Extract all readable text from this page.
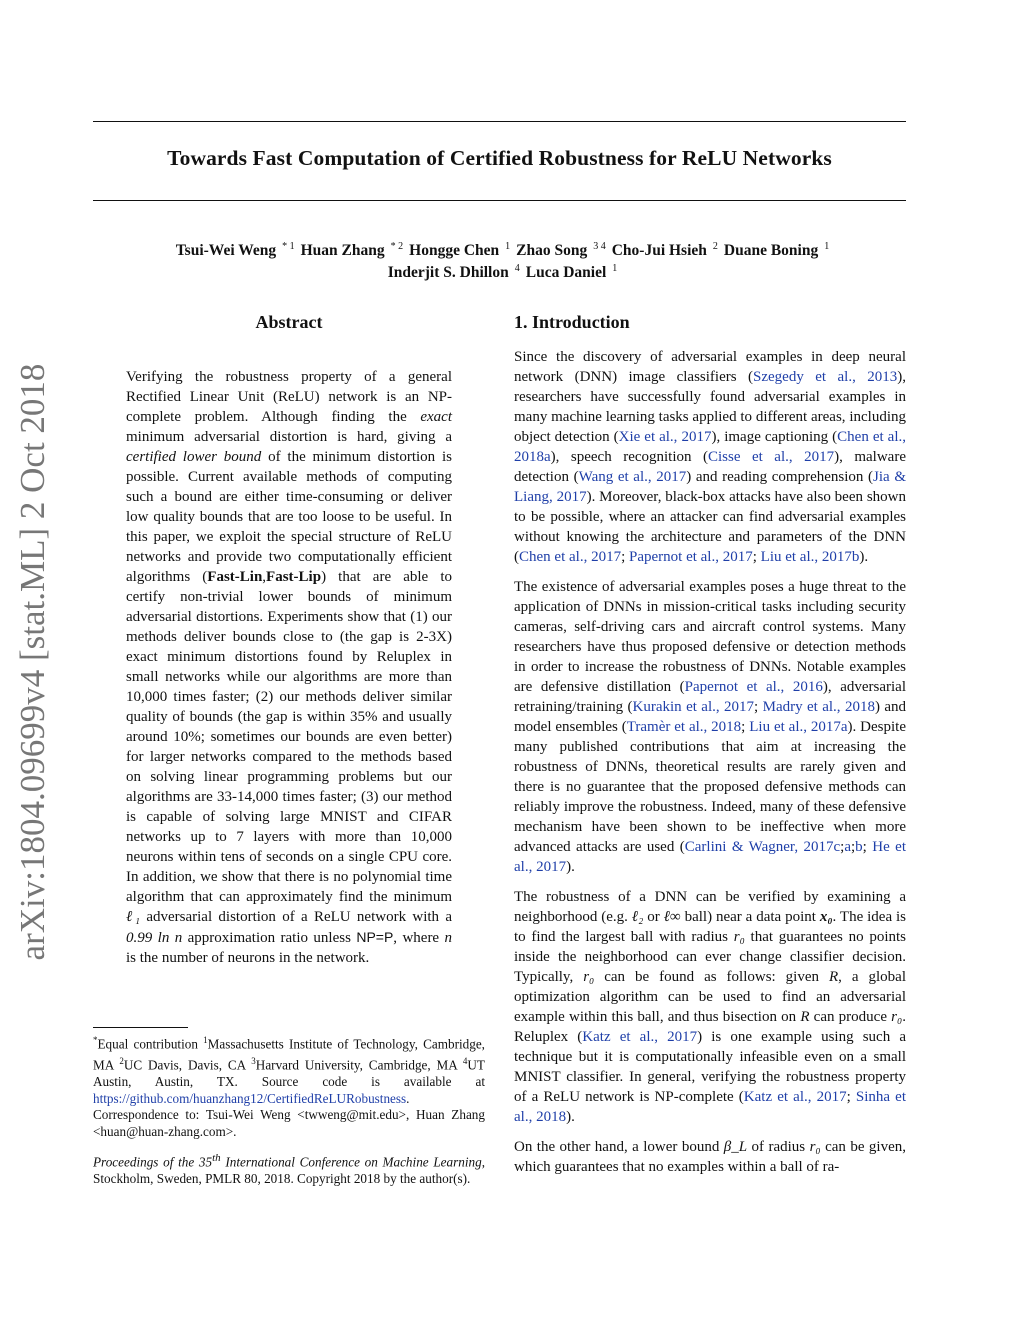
Towards Fast Computation of Certified Robustness for ReLU Networks
Tsui-Wei Weng $^{* 1}$ Huan Zhang $^{* 2}$ Hongge Chen $^1$ Zhao Song $^{3 4}$ Cho-Jui Hsieh $^2$ Duane Boning $^1$
Inderjit S. Dhillon $^4$ Luca Daniel $^1$
arXiv:1804.09699v4 [stat.ML] 2 Oct 2018
Abstract

Verifying the robustness property of a general Rectified Linear Unit (ReLU) network is an NP-complete problem. Although finding the exact minimum adversarial distortion is hard, giving a certified lower bound of the minimum distortion is possible. Current available methods of computing such a bound are either time-consuming or deliver low quality bounds that are too loose to be useful. In this paper, we exploit the special structure of ReLU networks and provide two computationally efficient algorithms (Fast-Lin,Fast-Lip) that are able to certify non-trivial lower bounds of minimum adversarial distortions. Experiments show that (1) our methods deliver bounds close to (the gap is 2-3X) exact minimum distortions found by Reluplex in small networks while our algorithms are more than 10,000 times faster; (2) our methods deliver similar quality of bounds (the gap is within 35% and usually around 10%; sometimes our bounds are even better) for larger networks compared to the methods based on solving linear programming problems but our algorithms are 33-14,000 times faster; (3) our method is capable of solving large MNIST and CIFAR networks up to 7 layers with more than 10,000 neurons within tens of seconds on a single CPU core. In addition, we show that there is no polynomial time algorithm that can approximately find the minimum ℓ₁ adversarial distortion of a ReLU network with a 0.99 ln n approximation ratio unless NP=P, where n is the number of neurons in the network.

*Equal contribution $^1$Massachusetts Institute of Technology, Cambridge, MA $^2$UC Davis, Davis, CA $^3$Harvard University, Cambridge, MA $^4$UT Austin, Austin, TX. Source code is available at https://github.com/huanzhang12/CertifiedReLURobustness. Correspondence to: Tsui-Wei Weng <twweng@mit.edu>, Huan Zhang <huan@huan-zhang.com>.
Proceedings of the 35th International Conference on Machine Learning, Stockholm, Sweden, PMLR 80, 2018. Copyright 2018 by the author(s).
1. Introduction

Since the discovery of adversarial examples in deep neural network (DNN) image classifiers (Szegedy et al., 2013), researchers have successfully found adversarial examples in many machine learning tasks applied to different areas, including object detection (Xie et al., 2017), image captioning (Chen et al., 2018a), speech recognition (Cisse et al., 2017), malware detection (Wang et al., 2017) and reading comprehension (Jia & Liang, 2017). Moreover, black-box attacks have also been shown to be possible, where an attacker can find adversarial examples without knowing the architecture and parameters of the DNN (Chen et al., 2017; Papernot et al., 2017; Liu et al., 2017b).

The existence of adversarial examples poses a huge threat to the application of DNNs in mission-critical tasks including security cameras, self-driving cars and aircraft control systems. Many researchers have thus proposed defensive or detection methods in order to increase the robustness of DNNs. Notable examples are defensive distillation (Papernot et al., 2016), adversarial retraining/training (Kurakin et al., 2017; Madry et al., 2018) and model ensembles (Tramèr et al., 2018; Liu et al., 2017a). Despite many published contributions that aim at increasing the robustness of DNNs, theoretical results are rarely given and there is no guarantee that the proposed defensive methods can reliably improve the robustness. Indeed, many of these defensive mechanism have been shown to be ineffective when more advanced attacks are used (Carlini & Wagner, 2017c;a;b; He et al., 2017).

The robustness of a DNN can be verified by examining a neighborhood (e.g. ℓ₂ or ℓ∞ ball) near a data point x₀. The idea is to find the largest ball with radius r₀ that guarantees no points inside the neighborhood can ever change classifier decision. Typically, r₀ can be found as follows: given R, a global optimization algorithm can be used to find an adversarial example within this ball, and thus bisection on R can produce r₀. Reluplex (Katz et al., 2017) is one example using such a technique but it is computationally infeasible even on a small MNIST classifier. In general, verifying the robustness property of a ReLU network is NP-complete (Katz et al., 2017; Sinha et al., 2018).

On the other hand, a lower bound β_L of radius r₀ can be given, which guarantees that no examples within a ball of ra-
